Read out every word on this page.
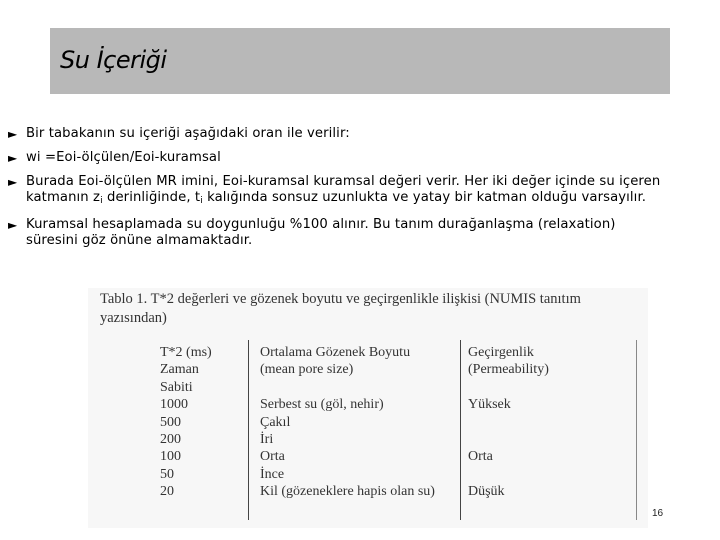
Su İçeriği
► Bir tabakanın su içeriği aşağıdaki oran ile verilir:
► wi =Eoi-ölçülen/Eoi-kuramsal
► Burada Eoi-ölçülen MR imini, Eoi-kuramsal kuramsal değeri verir. Her iki değer içinde su içeren katmanın $z_i$ derinliğinde, $t_i$ kalığında sonsuz uzunlukta ve yatay bir katman olduğu varsayılır.
► Kuramsal hesaplamada su doygunluğu %100 alınır. Bu tanım durağanlaşma (relaxation) süresini göz önüne almamaktadır.
Tablo 1. T*2 değerleri ve gözenek boyutu ve geçirgenlikle ilişkisi (NUMIS tanıtım yazısından)
T*2 (ms)
Zaman
Sabiti
1000
500
200
100
50
20
Ortalama Gözenek Boyutu
(mean pore size)
Serbest su (göl, nehir)
Çakıl
İri
Orta
İnce
Kil (gözeneklere hapis olan su)
Geçirgenlik
(Permeability)
Yüksek
Orta
Düşük
16
